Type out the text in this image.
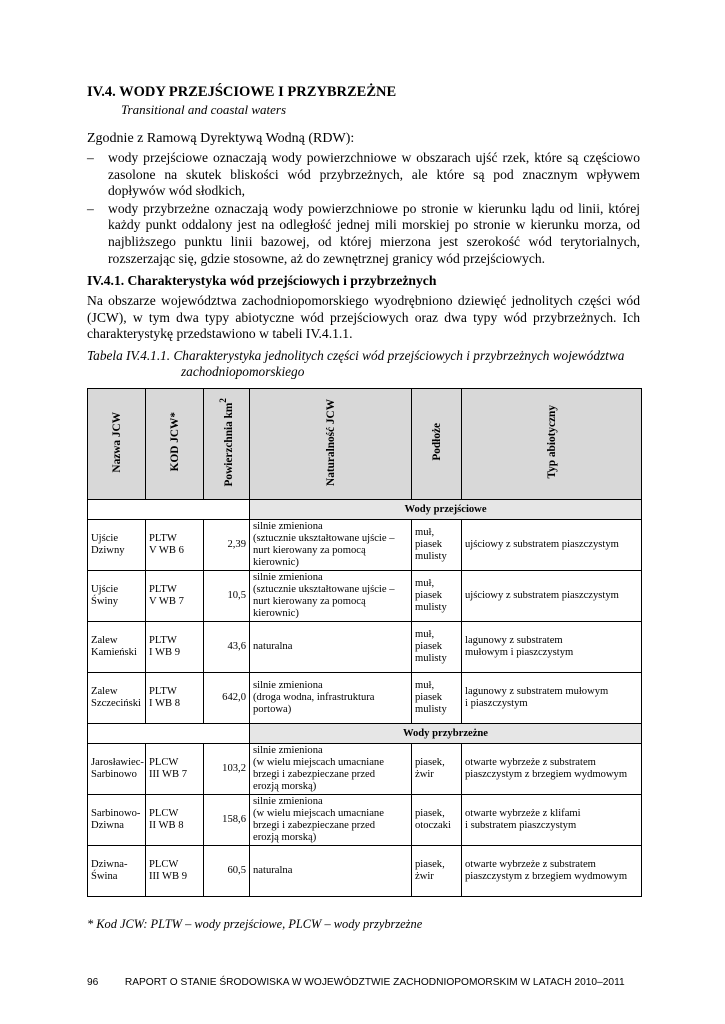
IV.4. WODY PRZEJŚCIOWE I PRZYBRZEŻNE
Transitional and coastal waters
Zgodnie z Ramową Dyrektywą Wodną (RDW):
– wody przejściowe oznaczają wody powierzchniowe w obszarach ujść rzek, które są częściowo zasolone na skutek bliskości wód przybrzeżnych, ale które są pod znacznym wpływem dopływów wód słodkich,
– wody przybrzeżne oznaczają wody powierzchniowe po stronie w kierunku lądu od linii, której każdy punkt oddalony jest na odległość jednej mili morskiej po stronie w kierunku morza, od najbliższego punktu linii bazowej, od której mierzona jest szerokość wód terytorialnych, rozszerzając się, gdzie stosowne, aż do zewnętrznej granicy wód przejściowych.
IV.4.1. Charakterystyka wód przejściowych i przybrzeżnych

Na obszarze województwa zachodniopomorskiego wyodrębniono dziewięć jednolitych części wód (JCW), w tym dwa typy abiotyczne wód przejściowych oraz dwa typy wód przybrzeżnych. Ich charakterystykę przedstawiono w tabeli IV.4.1.1.

Tabela IV.4.1.1. Charakterystyka jednolitych części wód przejściowych i przybrzeżnych województwa
zachodniopomorskiego
Nazwa JCW	KOD JCW*	Powierzchnia $km^2$	Naturalność JCW	Podłoże	Typ abiotyczny
			Wody przejściowe		
Ujście
Dziwny	PLTW
V WB 6	2,39	silnie zmieniona
(sztucznie ukształtowane ujście –
nurt kierowany za pomocą
kierownic)	muł,
piasek
mulisty	ujściowy z substratem piaszczystym
Ujście
Świny	PLTW
V WB 7	10,5	silnie zmieniona
(sztucznie ukształtowane ujście –
nurt kierowany za pomocą
kierownic)	muł,
piasek
mulisty	ujściowy z substratem piaszczystym
Zalew
Kamieński	PLTW
I WB 9	43,6	naturalna	muł,
piasek
mulisty	lagunowy z substratem
mułowym i piaszczystym
Zalew
Szczeciński	PLTW
I WB 8	642,0	silnie zmieniona
(droga wodna, infrastruktura
portowa)	muł,
piasek
mulisty	lagunowy z substratem mułowym
i piaszczystym
			Wody przybrzeżne		
Jarosławiec-
Sarbinowo	PLCW
III WB 7	103,2	silnie zmieniona
(w wielu miejscach umacniane
brzegi i zabezpieczane przed
erozją morską)	piasek,
żwir	otwarte wybrzeże z substratem
piaszczystym z brzegiem wydmowym
Sarbinowo-
Dziwna	PLCW
II WB 8	158,6	silnie zmieniona
(w wielu miejscach umacniane
brzegi i zabezpieczane przed
erozją morską)	piasek,
otoczaki	otwarte wybrzeże z klifami
i substratem piaszczystym
Dziwna-
Świna	PLCW
III WB 9	60,5	naturalna	piasek,
żwir	otwarte wybrzeże z substratem
piaszczystym z brzegiem wydmowym
* Kod JCW: PLTW – wody przejściowe, PLCW – wody przybrzeżne
96	RAPORT O STANIE ŚRODOWISKA W WOJEWÓDZTWIE ZACHODNIOPOMORSKIM W LATACH 2010–2011
